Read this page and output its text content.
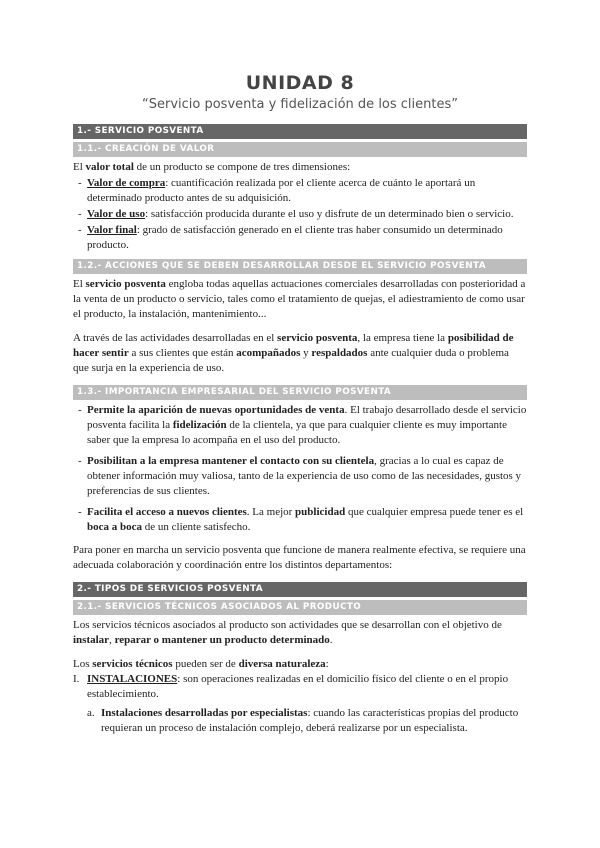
UNIDAD 8
“Servicio posventa y fidelización de los clientes”
1.- SERVICIO POSVENTA
1.1.- CREACIÓN DE VALOR

El valor total de un producto se compone de tres dimensiones:

- Valor de compra: cuantificación realizada por el cliente acerca de cuánto le aportará un determinado producto antes de su adquisición.
- Valor de uso: satisfacción producida durante el uso y disfrute de un determinado bien o servicio.
- Valor final: grado de satisfacción generado en el cliente tras haber consumido un determinado producto.
1.2.- ACCIONES QUE SE DEBEN DESARROLLAR DESDE EL SERVICIO POSVENTA

El servicio posventa engloba todas aquellas actuaciones comerciales desarrolladas con posterioridad a la venta de un producto o servicio, tales como el tratamiento de quejas, el adiestramiento de como usar el producto, la instalación, mantenimiento...

A través de las actividades desarrolladas en el servicio posventa, la empresa tiene la posibilidad de hacer sentir a sus clientes que están acompañados y respaldados ante cualquier duda o problema que surja en la experiencia de uso.

1.3.- IMPORTANCIA EMPRESARIAL DEL SERVICIO POSVENTA
- Permite la aparición de nuevas oportunidades de venta. El trabajo desarrollado desde el servicio posventa facilita la fidelización de la clientela, ya que para cualquier cliente es muy importante saber que la empresa lo acompaña en el uso del producto.
- Posibilitan a la empresa mantener el contacto con su clientela, gracias a lo cual es capaz de obtener información muy valiosa, tanto de la experiencia de uso como de las necesidades, gustos y preferencias de sus clientes.
- Facilita el acceso a nuevos clientes. La mejor publicidad que cualquier empresa puede tener es el boca a boca de un cliente satisfecho.

Para poner en marcha un servicio posventa que funcione de manera realmente efectiva, se requiere una adecuada colaboración y coordinación entre los distintos departamentos:

2.- TIPOS DE SERVICIOS POSVENTA
2.1.- SERVICIOS TÉCNICOS ASOCIADOS AL PRODUCTO

Los servicios técnicos asociados al producto son actividades que se desarrollan con el objetivo de instalar, reparar o mantener un producto determinado.

Los servicios técnicos pueden ser de diversa naturaleza:

I. INSTALACIONES: son operaciones realizadas en el domicilio físico del cliente o en el propio establecimiento.
a. Instalaciones desarrolladas por especialistas: cuando las características propias del producto requieran un proceso de instalación complejo, deberá realizarse por un especialista.
